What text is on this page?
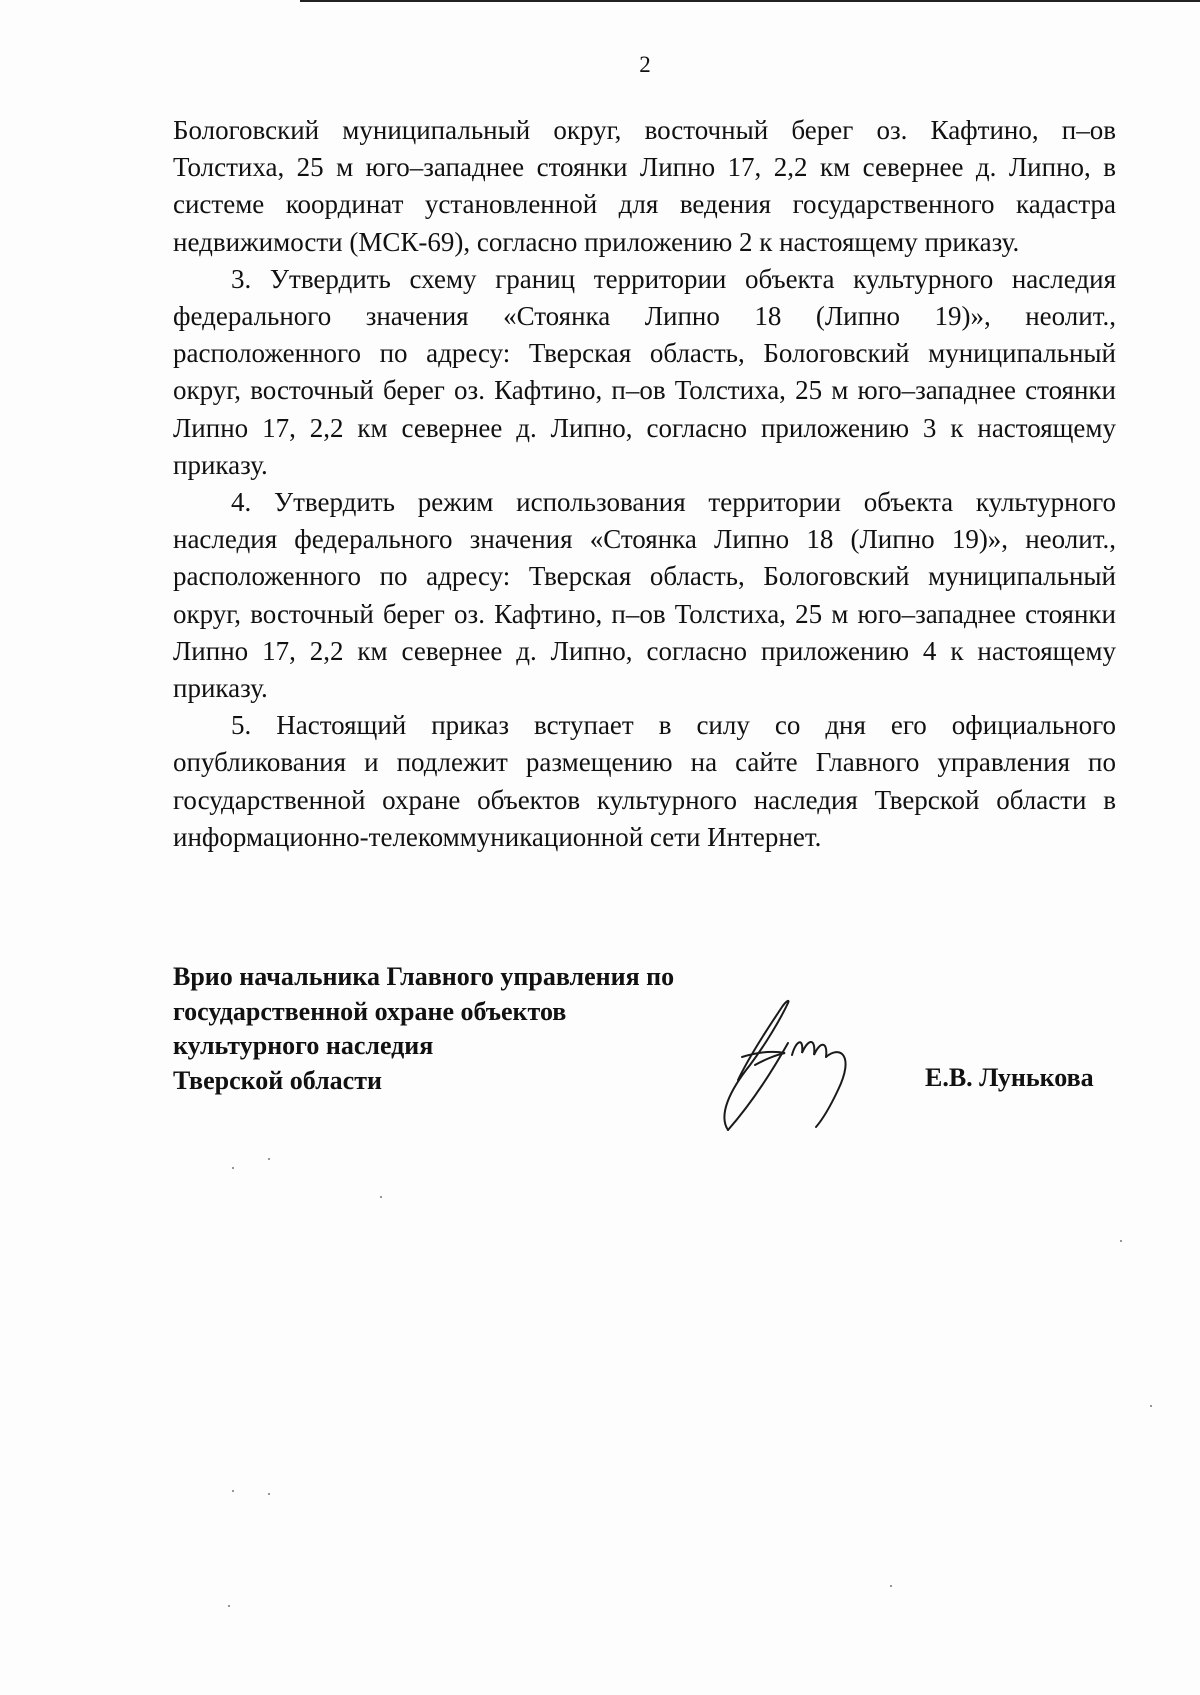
2

Бологовский муниципальный округ, восточный берег оз. Кафтино, п–ов Толстиха, 25 м юго–западнее стоянки Липно 17, 2,2 км севернее д. Липно, в системе координат установленной для ведения государственного кадастра недвижимости (МСК-69), согласно приложению 2 к настоящему приказу.

3. Утвердить схему границ территории объекта культурного наследия федерального значения «Стоянка Липно 18 (Липно 19)», неолит., расположенного по адресу: Тверская область, Бологовский муниципальный округ, восточный берег оз. Кафтино, п–ов Толстиха, 25 м юго–западнее стоянки Липно 17, 2,2 км севернее д. Липно, согласно приложению 3 к настоящему приказу.

4. Утвердить режим использования территории объекта культурного наследия федерального значения «Стоянка Липно 18 (Липно 19)», неолит., расположенного по адресу: Тверская область, Бологовский муниципальный округ, восточный берег оз. Кафтино, п–ов Толстиха, 25 м юго–западнее стоянки Липно 17, 2,2 км севернее д. Липно, согласно приложению 4 к настоящему приказу.

5. Настоящий приказ вступает в силу со дня его официального опубликования и подлежит размещению на сайте Главного управления по государственной охране объектов культурного наследия Тверской области в информационно-телекоммуникационной сети Интернет.

Врио начальника Главного управления по
государственной охране объектов
культурного наследия
Тверской области	Е.В. Лунькова
